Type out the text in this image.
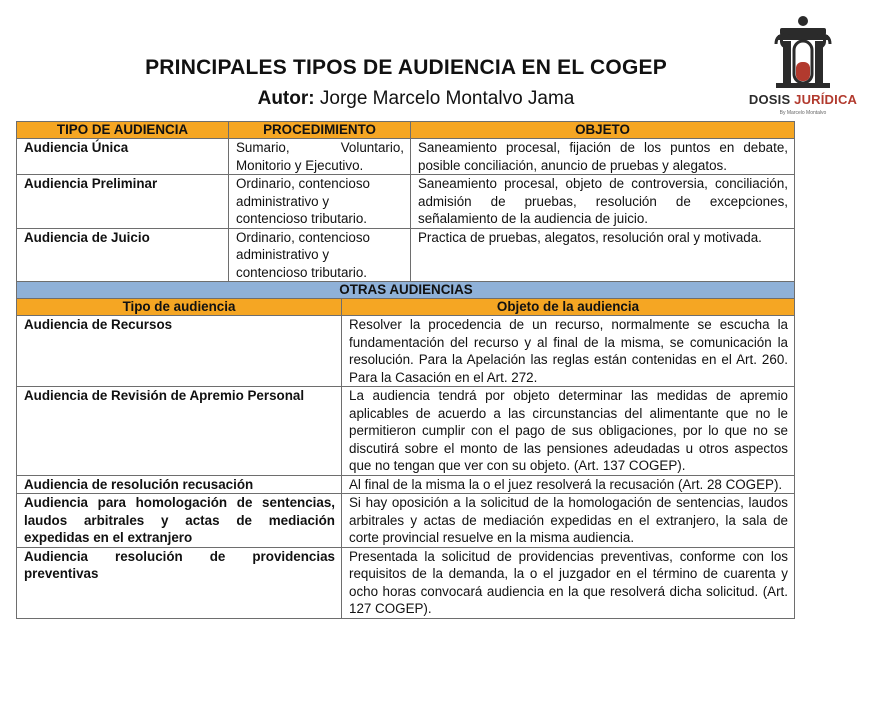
PRINCIPALES TIPOS DE AUDIENCIA EN EL COGEP
Autor: Jorge Marcelo Montalvo Jama	DOSIS JURÍDICA
By Marcelo Montalvo
TIPO DE AUDIENCIA	PROCEDIMIENTO		OBJETO
Audiencia Única	Sumario, Voluntario, Monitorio y Ejecutivo.		Saneamiento procesal, fijación de los puntos en debate, posible conciliación, anuncio de pruebas y alegatos.
Audiencia Preliminar	Ordinario, contencioso administrativo y contencioso tributario.		Saneamiento procesal, objeto de controversia, conciliación, admisión de pruebas, resolución de excepciones, señalamiento de la audiencia de juicio.
Audiencia de Juicio	Ordinario, contencioso administrativo y contencioso tributario.		Practica de pruebas, alegatos, resolución oral y motivada.
OTRAS AUDIENCIAS			
Tipo de audiencia		Objeto de la audiencia	
Audiencia de Recursos		Resolver la procedencia de un recurso, normalmente se escucha la fundamentación del recurso y al final de la misma, se comunicación la resolución. Para la Apelación las reglas están contenidas en el Art. 260. Para la Casación en el Art. 272.	
Audiencia de Revisión de Apremio Personal		La audiencia tendrá por objeto determinar las medidas de apremio aplicables de acuerdo a las circunstancias del alimentante que no le permitieron cumplir con el pago de sus obligaciones, por lo que no se discutirá sobre el monto de las pensiones adeudadas u otros aspectos que no tengan que ver con su objeto. (Art. 137 COGEP).	
Audiencia de resolución recusación		Al final de la misma la o el juez resolverá la recusación (Art. 28 COGEP).	
Audiencia para homologación de sentencias, laudos arbitrales y actas de mediación expedidas en el extranjero		Si hay oposición a la solicitud de la homologación de sentencias, laudos arbitrales y actas de mediación expedidas en el extranjero, la sala de corte provincial resuelve en la misma audiencia.	
Audiencia resolución de providencias preventivas		Presentada la solicitud de providencias preventivas, conforme con los requisitos de la demanda, la o el juzgador en el término de cuarenta y ocho horas convocará audiencia en la que resolverá dicha solicitud. (Art. 127 COGEP).	
